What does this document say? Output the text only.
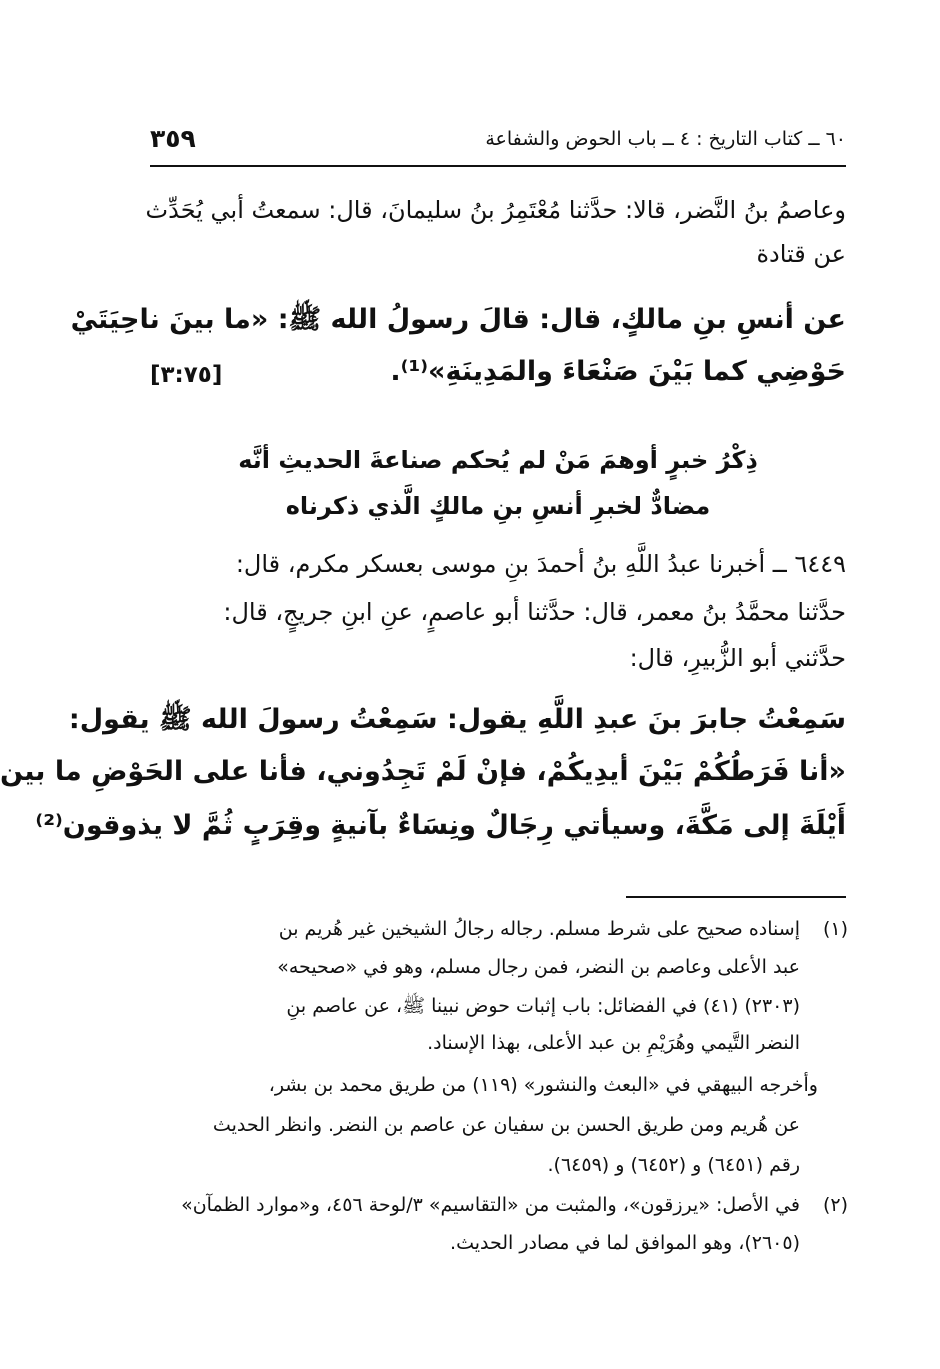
٣٥٩	٦٠ ــ كتاب التاريخ : ٤ ــ باب الحوض والشفاعة
وعاصمُ بنُ النَّضر، قالا: حدَّثنا مُعْتَمِرُ بنُ سليمانَ، قال: سمعتُ أبي يُحَدِّث
عن قتادة
عن أنسِ بنِ مالكٍ، قال: قالَ رسولُ الله ﷺ: «ما بينَ ناحِيَتَيْ
حَوْضِي كما بَيْنَ صَنْعَاءَ والمَدِينَةِ»⁽¹⁾.
[٣:٧٥]
ذِكْرُ خبرٍ أوهمَ مَنْ لم يُحكم صناعةَ الحديثِ أنَّه
مضادٌّ لخبرِ أنسِ بنِ مالكٍ الَّذي ذكرناه
٦٤٤٩ ــ أخبرنا عبدُ اللَّهِ بنُ أحمدَ بنِ موسى بعسكر مكرم، قال:
حدَّثنا محمَّدُ بنُ معمر، قال: حدَّثنا أبو عاصمٍ، عنِ ابنِ جريجٍ، قال:
حدَّثني أبو الزُّبيرِ، قال:
سَمِعْتُ جابرَ بنَ عبدِ اللَّهِ يقول: سَمِعْتُ رسولَ الله ﷺ يقول:
«أنا فَرَطُكُمْ بَيْنَ أيدِيكُمْ، فإنْ لَمْ تَجِدُوني، فأنا على الحَوْضِ ما بين
أَيْلَةَ إلى مَكَّةَ، وسيأتي رِجَالٌ ونِسَاءٌ بآنيةٍ وقِرَبٍ ثُمَّ لا يذوقون⁽²⁾
(١)
إسناده صحيح على شرط مسلم. رجاله رجالُ الشيخين غير هُريم بن
عبد الأعلى وعاصم بن النضر، فمن رجال مسلم، وهو في «صحيحه»
(٢٣٠٣) (٤١) في الفضائل: باب إثبات حوض نبينا ﷺ، عن عاصم بنِ
النضر التَّيمي وهُرَيْمِ بن عبد الأعلى، بهذا الإسناد.
وأخرجه البيهقي في «البعث والنشور» (١١٩) من طريق محمد بن بشر،
عن هُريم ومن طريق الحسن بن سفيان عن عاصم بن النضر. وانظر الحديث
رقم (٦٤٥١) و (٦٤٥٢) و (٦٤٥٩).
(٢)
في الأصل: «يرزقون»، والمثبت من «التقاسيم» ٣/لوحة ٤٥٦، و«موارد الظمآن»
(٢٦٠٥)، وهو الموافق لما في مصادر الحديث.
